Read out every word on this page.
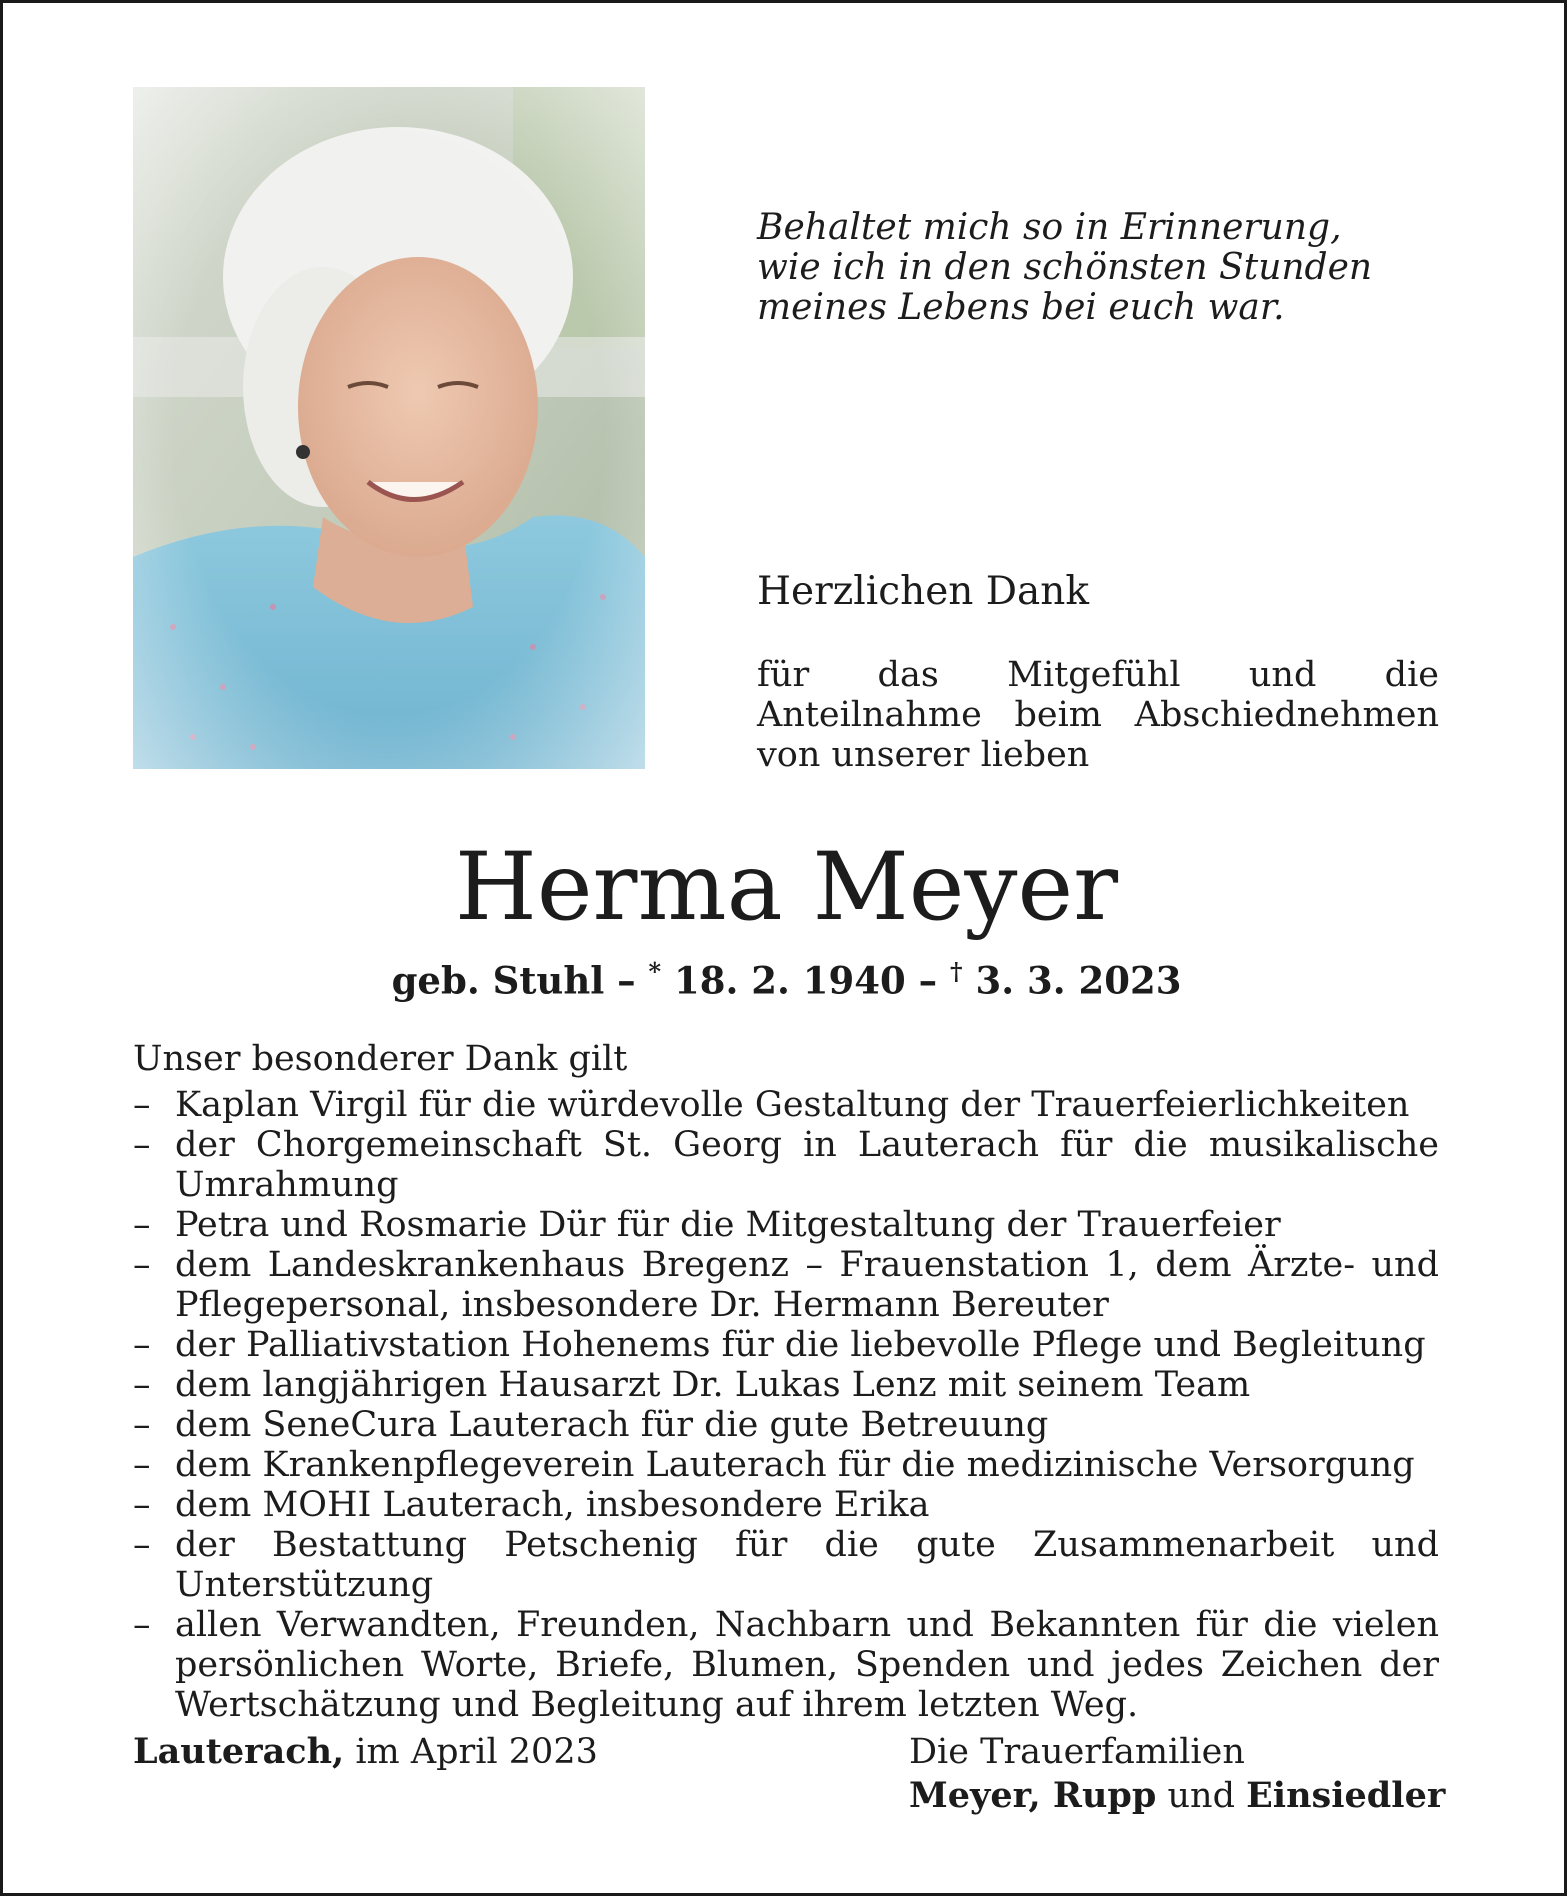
Behaltet mich so in Erinnerung,
wie ich in den schönsten Stunden
meines Lebens bei euch war.
Herzlichen Dank
für das Mitgefühl und die Anteilnahme beim Abschiednehmen von unserer lieben
Herma Meyer
geb. Stuhl – * 18. 2. 1940 – † 3. 3. 2023
Unser besonderer Dank gilt
– Kaplan Virgil für die würdevolle Gestaltung der Trauerfeierlichkeiten
– der Chorgemeinschaft St. Georg in Lauterach für die musikalische Umrahmung
– Petra und Rosmarie Dür für die Mitgestaltung der Trauerfeier
– dem Landeskrankenhaus Bregenz – Frauenstation 1, dem Ärzte- und Pflegepersonal, insbesondere Dr. Hermann Bereuter
– der Palliativstation Hohenems für die liebevolle Pflege und Begleitung
– dem langjährigen Hausarzt Dr. Lukas Lenz mit seinem Team
– dem SeneCura Lauterach für die gute Betreuung
– dem Krankenpflegeverein Lauterach für die medizinische Versorgung
– dem MOHI Lauterach, insbesondere Erika
– der Bestattung Petschenig für die gute Zusammenarbeit und Unterstützung
– allen Verwandten, Freunden, Nachbarn und Bekannten für die vielen persönlichen Worte, Briefe, Blumen, Spenden und jedes Zeichen der Wertschätzung und Begleitung auf ihrem letzten Weg.
Lauterach, im April 2023	Die Trauerfamilien
Meyer, Rupp und Einsiedler
